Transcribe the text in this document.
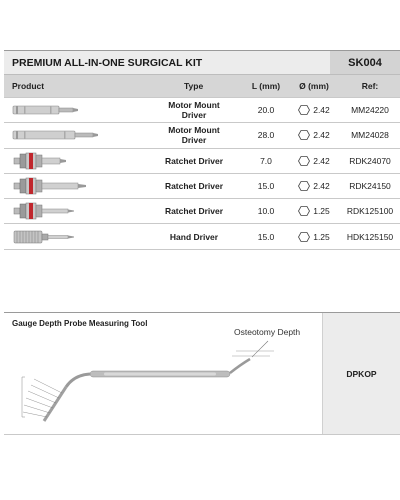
PREMIUM ALL-IN-ONE SURGICAL KIT	SK004
Product	Type	L (mm)	Ø (mm)	Ref:
Motor Mount
Driver	20.0	2.42	MM24220
Motor Mount
Driver	28.0	2.42	MM24028
Ratchet Driver	7.0	2.42	RDK24070
Ratchet Driver	15.0	2.42	RDK24150
Ratchet Driver	10.0	1.25	RDK125100
Hand Driver	15.0	1.25	HDK125150
Gauge Depth Probe Measuring Tool
Osteotomy Depth
DPKOP
